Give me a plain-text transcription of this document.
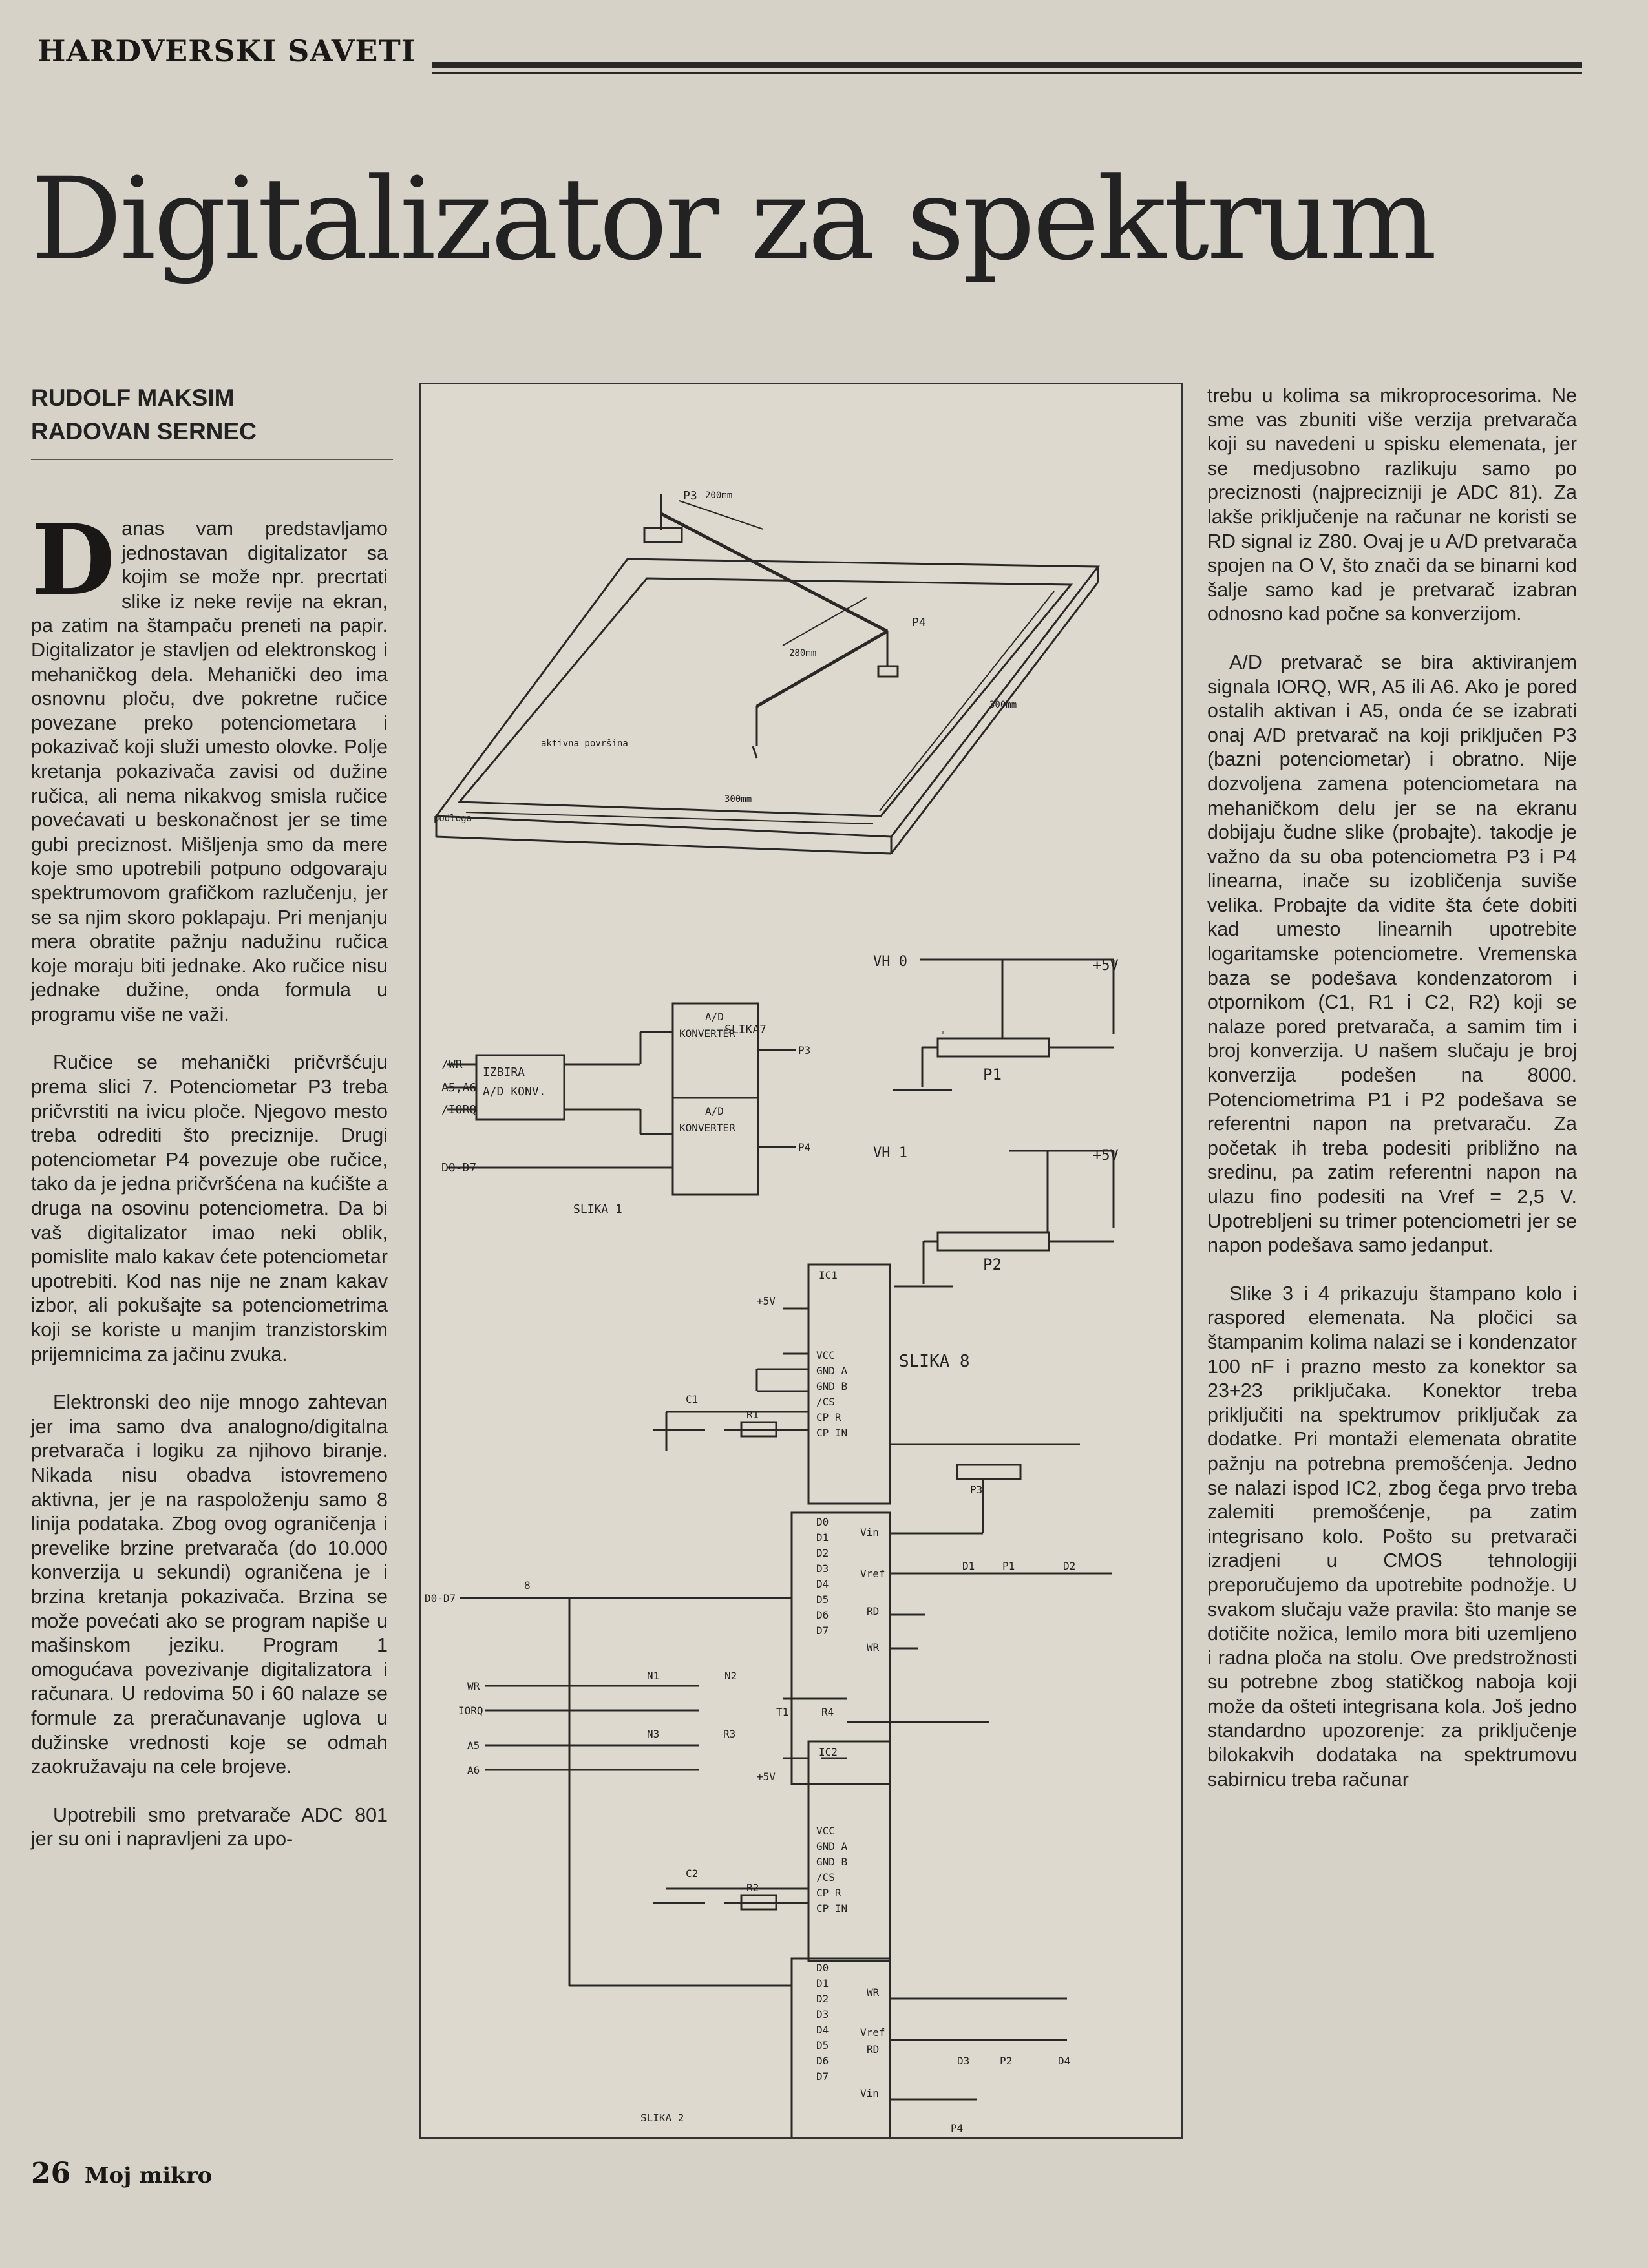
HARDVERSKI SAVETI
Digitalizator za spektrum
RUDOLF MAKSIM
RADOVAN SERNEC

Danas vam predstavljamo jednostavan digitalizator sa kojim se može npr. precrtati slike iz neke revije na ekran, pa zatim na štampaču preneti na papir. Digitalizator je stavljen od elektronskog i mehaničkog dela. Mehanički deo ima osnovnu ploču, dve pokretne ručice povezane preko potenciometara i pokazivač koji služi umesto olovke. Polje kretanja pokazivača zavisi od dužine ručica, ali nema nikakvog smisla ručice povećavati u beskonačnost jer se time gubi preciznost. Mišljenja smo da mere koje smo upotrebili potpuno odgovaraju spektrumovom grafičkom razlučenju, jer se sa njim skoro poklapaju. Pri menjanju mera obratite pažnju nadužinu ručica koje moraju biti jednake. Ako ručice nisu jednake dužine, onda formula u programu više ne važi.

Ručice se mehanički pričvršćuju prema slici 7. Potenciometar P3 treba pričvrstiti na ivicu ploče. Njegovo mesto treba odrediti što preciznije. Drugi potenciometar P4 povezuje obe ručice, tako da je jedna pričvršćena na kućište a druga na osovinu potenciometra. Da bi vaš digitalizator imao neki oblik, pomislite malo kakav ćete potenciometar upotrebiti. Kod nas nije ne znam kakav izbor, ali pokušajte sa potenciometrima koji se koriste u manjim tranzistorskim prijemnicima za jačinu zvuka.

Elektronski deo nije mnogo zahtevan jer ima samo dva analogno/digitalna pretvarača i logiku za njihovo biranje. Nikada nisu obadva istovremeno aktivna, jer je na raspoloženju samo 8 linija podataka. Zbog ovog ograničenja i prevelike brzine pretvarača (do 10.000 konverzija u sekundi) ograničena je i brzina kretanja pokazivača. Brzina se može povećati ako se program napiše u mašinskom jeziku. Program 1 omogućava povezivanje digitalizatora i računara. U redovima 50 i 60 nalaze se formule za preračunavanje uglova u dužinske vrednosti koje se odmah zaokružavaju na cele brojeve.

Upotrebili smo pretvarače ADC 801 jer su oni i napravljeni za upo-

SLIKA7
300mm
200mm
280mm
300mm
aktivna površina
podloga
P3
P4
SLIKA 1
/WR
A5,A6
/IORQ
D0-D7
IZBIRA
A/D KONV.
A/D
KONVERTER
A/D
KONVERTER
P3
P4
SLIKA 8
VH 0	+5V
P1
VH 1	+5V
P2
SLIKA 2
IC1
IC2
VCC
GND A
GND B
/CS
CP R
CP IN
D0
D1
D2
D3
D4
D5
D6
D7
Vin
Vref
RD
WR
VCC
GND A
GND B
/CS
CP R
CP IN
D0
D1
D2
D3
D4
D5
D6
D7
WR
Vref
RD
Vin
C1
R1
C2
R2
P3
P4
P1
P2
D1	D2
D3	D4
N1	N2
N3	R3
R4
T1
WR
IORQ
A5
A6
D0-D7
8
+5V
+5V

trebu u kolima sa mikroprocesorima. Ne sme vas zbuniti više verzija pretvarača koji su navedeni u spisku elemenata, jer se medjusobno razlikuju samo po preciznosti (najprecizniji je ADC 81). Za lakše priključenje na računar ne koristi se RD signal iz Z80. Ovaj je u A/D pretvarača spojen na O V, što znači da se binarni kod šalje samo kad je pretvarač izabran odnosno kad počne sa konverzijom.

A/D pretvarač se bira aktiviranjem signala IORQ, WR, A5 ili A6. Ako je pored ostalih aktivan i A5, onda će se izabrati onaj A/D pretvarač na koji priključen P3 (bazni potenciometar) i obratno. Nije dozvoljena zamena potenciometara na mehaničkom delu jer se na ekranu dobijaju čudne slike (probajte). takodje je važno da su oba potenciometra P3 i P4 linearna, inače su izobličenja suviše velika. Probajte da vidite šta ćete dobiti kad umesto linearnih upotrebite logaritamske potenciometre. Vremenska baza se podešava kondenzatorom i otpornikom (C1, R1 i C2, R2) koji se nalaze pored pretvarača, a samim tim i broj konverzija. U našem slučaju je broj konverzija podešen na 8000. Potenciometrima P1 i P2 podešava se referentni napon na pretvaraču. Za početak ih treba podesiti približno na sredinu, pa zatim referentni napon na ulazu fino podesiti na Vref = 2,5 V. Upotrebljeni su trimer potenciometri jer se napon podešava samo jedanput.

Slike 3 i 4 prikazuju štampano kolo i raspored elemenata. Na pločici sa štampanim kolima nalazi se i kondenzator 100 nF i prazno mesto za konektor sa 23+23 priključaka. Konektor treba priključiti na spektrumov priključak za dodatke. Pri montaži elemenata obratite pažnju na potrebna premošćenja. Jedno se nalazi ispod IC2, zbog čega prvo treba zalemiti premošćenje, pa zatim integrisano kolo. Pošto su pretvarači izradjeni u CMOS tehnologiji preporučujemo da upotrebite podnožje. U svakom slučaju važe pravila: što manje se dotičite nožica, lemilo mora biti uzemljeno i radna ploča na stolu. Ove predstrožnosti su potrebne zbog statičkog naboja koji može da ošteti integrisana kola. Još jedno standardno upozorenje: za priključenje bilokakvih dodataka na spektrumovu sabirnicu treba računar

26 Moj mikro
